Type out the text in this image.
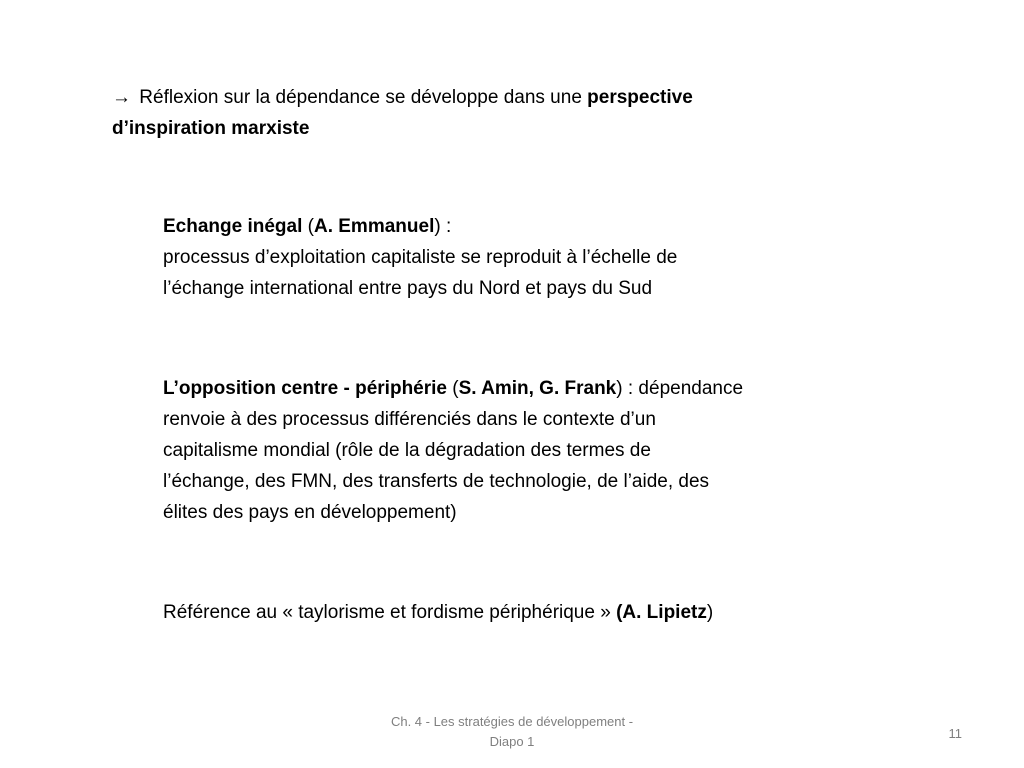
→ Réflexion sur la dépendance se développe dans une perspective
d’inspiration marxiste
Echange inégal (A. Emmanuel) :
processus d’exploitation capitaliste se reproduit à l’échelle de
l’échange international entre pays du Nord et pays du Sud
L’opposition centre - périphérie (S. Amin, G. Frank) : dépendance
renvoie à des processus différenciés dans le contexte d’un
capitalisme mondial (rôle de la dégradation des termes de
l’échange, des FMN, des transferts de technologie, de l’aide, des
élites des pays en développement)
Référence au « taylorisme et fordisme périphérique » (A. Lipietz)
Ch. 4 - Les stratégies de développement -
Diapo 1
11
